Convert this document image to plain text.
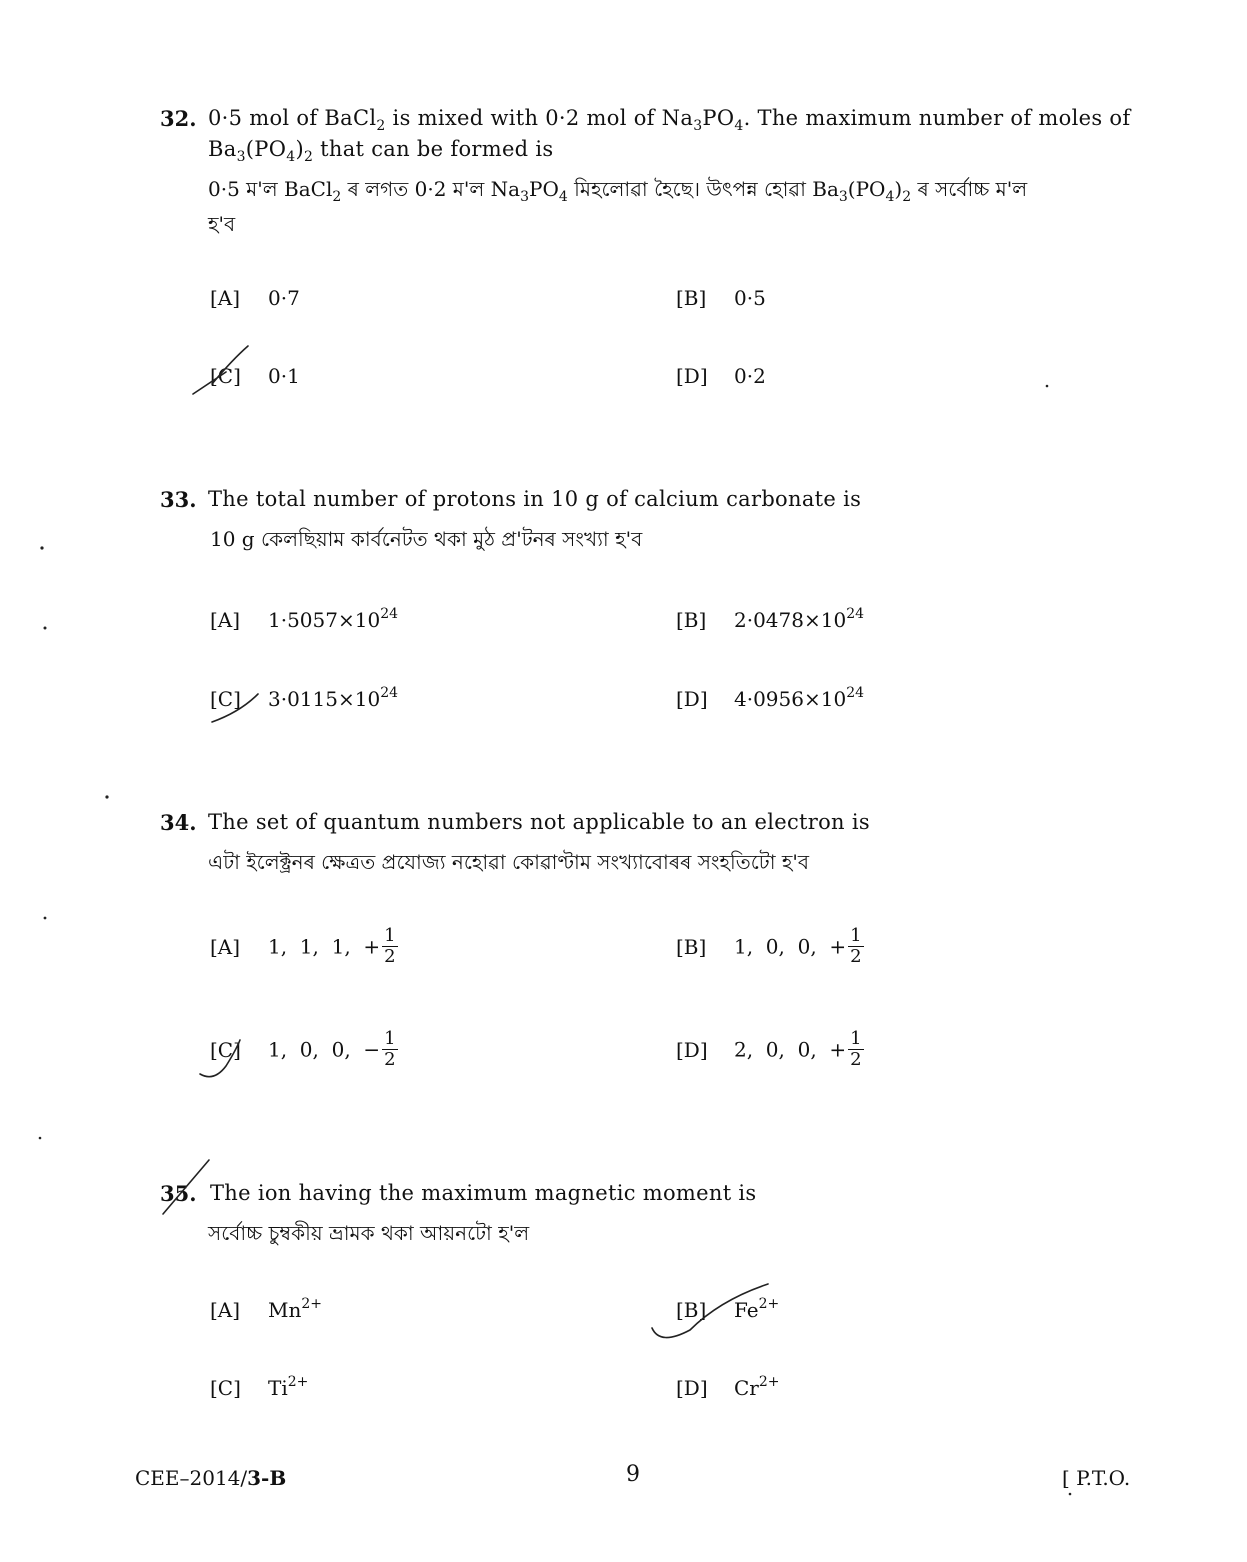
32. 0·5 mol of BaCl$_2$ is mixed with 0·2 mol of $Na_3PO_4$. The maximum number of moles of
$Ba_3(PO_4)_2$ that can be formed is
0·5 ম'ল BaCl$_2$ ৰ লগত 0·2 ম'ল $Na_3PO_4$ মিহলোৱা হৈছে। উৎপন্ন হোৱা $Ba_3(PO_4)_2$ ৰ সৰ্বোচ্চ ম'ল
হ'ব
[A] 0·7	[B] 0·5
[C] 0·1	[D] 0·2
33. The total number of protons in 10 g of calcium carbonate is
10 g কেলছিয়াম কাৰ্বনেটত থকা মুঠ প্ৰ'টনৰ সংখ্যা হ'ব
[A] $1\cdot 5057\times 10^{24}$	[B] $2\cdot 0478\times 10^{24}$
[C] $3\cdot 0115\times 10^{24}$	[D] $4\cdot 0956\times 10^{24}$
34. The set of quantum numbers not applicable to an electron is
এটা ইলেক্ট্ৰনৰ ক্ষেত্ৰত প্ৰযোজ্য নহোৱা কোৱাণ্টাম সংখ্যাবোৰৰ সংহতিটো হ'ব
[A] 1,  1,  1,  + $\frac{1}{2}$	[B] 1,  0,  0,  + $\frac{1}{2}$
[C] 1,  0,  0,  − $\frac{1}{2}$	[D] 2,  0,  0,  + $\frac{1}{2}$
35. The ion having the maximum magnetic moment is
সৰ্বোচ্চ চুম্বকীয় ভ্ৰামক থকা আয়নটো হ'ল
[A] $Mn^{2+}$	[B] $Fe^{2+}$
[C] $Ti^{2+}$	[D] $Cr^{2+}$
CEE–2014/3-B	9	[ P.T.O.
